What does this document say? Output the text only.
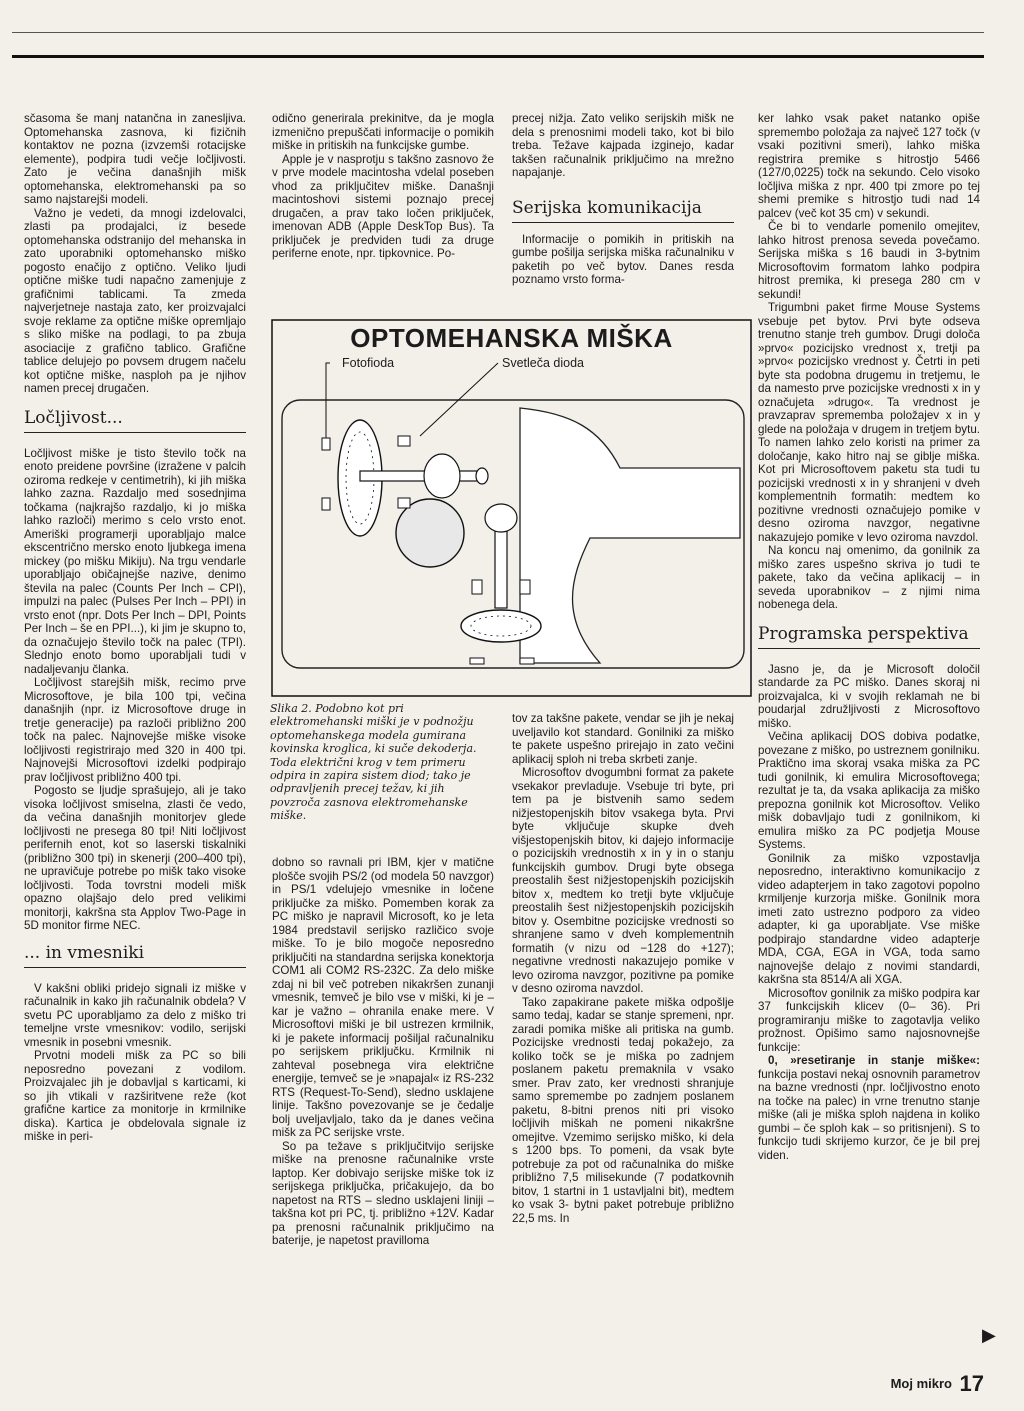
sčasoma še manj natančna in zanesljiva. Optomehanska zasnova, ki fizičnih kontaktov ne pozna (izvzemši rotacijske elemente), podpira tudi večje ločljivosti. Zato je večina današnjih mišk optomehanska, elektromehanski pa so samo najstarejši modeli.

Važno je vedeti, da mnogi izdelovalci, zlasti pa prodajalci, iz besede optomehanska odstranijo del mehanska in zato uporabniki optomehansko miško pogosto enačijo z optično. Veliko ljudi optične miške tudi napačno zamenjuje z grafičnimi tablicami. Ta zmeda najverjetneje nastaja zato, ker proizvajalci svoje reklame za optične miške opremljajo s sliko miške na podlagi, to pa zbuja asociacije z grafično tablico. Grafične tablice delujejo po povsem drugem načelu kot optične miške, nasploh pa je njihov namen precej drugačen.

Ločljivost...

Ločljivost miške je tisto število točk na enoto preidene površine (izražene v palcih oziroma redkeje v centimetrih), ki jih miška lahko zazna. Razdaljo med sosednjima točkama (najkrajšo razdaljo, ki jo miška lahko razloči) merimo s celo vrsto enot. Ameriški programerji uporabljajo malce ekscentrično mersko enoto ljubkega imena mickey (po mišku Mikiju). Na trgu vendarle uporabljajo običajnejše nazive, denimo števila na palec (Counts Per Inch – CPI), impulzi na palec (Pulses Per Inch – PPI) in vrsto enot (npr. Dots Per Inch – DPI, Points Per Inch – še en PPI...), ki jim je skupno to, da označujejo število točk na palec (TPI). Slednjo enoto bomo uporabljali tudi v nadaljevanju članka.

Ločljivost starejših mišk, recimo prve Microsoftove, je bila 100 tpi, večina današnjih (npr. iz Microsoftove druge in tretje generacije) pa razloči približno 200 točk na palec. Najnovejše miške visoke ločljivosti registrirajo med 320 in 400 tpi. Najnovejši Microsoftovi izdelki podpirajo prav ločljivost približno 400 tpi.

Pogosto se ljudje sprašujejo, ali je tako visoka ločljivost smiselna, zlasti če vedo, da večina današnjih monitorjev glede ločljivosti ne presega 80 tpi! Niti ločljivost perifernih enot, kot so laserski tiskalniki (približno 300 tpi) in skenerji (200–400 tpi), ne upravičuje potrebe po mišk tako visoke ločljivosti. Toda tovrstni modeli mišk opazno olajšajo delo pred velikimi monitorji, kakršna sta Applov Two-Page in 5D monitor firme NEC.

... in vmesniki

V kakšni obliki pridejo signali iz miške v računalnik in kako jih računalnik obdela? V svetu PC uporabljamo za delo z miško tri temeljne vrste vmesnikov: vodilo, serijski vmesnik in posebni vmesnik.

Prvotni modeli mišk za PC so bili neposredno povezani z vodilom. Proizvajalec jih je dobavljal s karticami, ki so jih vtikali v razširitvene reže (kot grafične kartice za monitorje in krmilnike diska). Kartica je obdelovala signale iz miške in peri-

odično generirala prekinitve, da je mogla izmenično prepuščati informacije o pomikih miške in pritiskih na funkcijske gumbe.

Apple je v nasprotju s takšno zasnovo že v prve modele macintosha vdelal poseben vhod za priključitev miške. Današnji macintoshovi sistemi poznajo precej drugačen, a prav tako ločen priključek, imenovan ADB (Apple DeskTop Bus). Ta priključek je predviden tudi za druge periferne enote, npr. tipkovnice. Po-

precej nižja. Zato veliko serijskih mišk ne dela s prenosnimi modeli tako, kot bi bilo treba. Težave kajpada izginejo, kadar takšen računalnik priključimo na mrežno napajanje.

Serijska komunikacija

Informacije o pomikih in pritiskih na gumbe pošilja serijska miška računalniku v paketih po več bytov. Danes resda poznamo vrsto forma-

ker lahko vsak paket natanko opiše spremembo položaja za največ 127 točk (v vsaki pozitivni smeri), lahko miška registrira premike s hitrostjo 5466 (127/0,0225) točk na sekundo. Celo visoko ločljiva miška z npr. 400 tpi zmore po tej shemi premike s hitrostjo tudi nad 14 palcev (več kot 35 cm) v sekundi.

Če bi to vendarle pomenilo omejitev, lahko hitrost prenosa seveda povečamo. Serijska miška s 16 baudi in 3-bytnim Microsoftovim formatom lahko podpira hitrost premika, ki presega 280 cm v sekundi!

Trigumbni paket firme Mouse Systems vsebuje pet bytov. Prvi byte odseva trenutno stanje treh gumbov. Drugi določa »prvo« pozicijsko vrednost x, tretji pa »prvo« pozicijsko vrednost y. Četrti in peti byte sta podobna drugemu in tretjemu, le da namesto prve pozicijske vrednosti x in y označujeta »drugo«. Ta vrednost je pravzaprav sprememba položajev x in y glede na položaja v drugem in tretjem bytu. To namen lahko zelo koristi na primer za določanje, kako hitro naj se giblje miška. Kot pri Microsoftovem paketu sta tudi tu pozicijski vrednosti x in y shranjeni v dveh komplementnih formatih: medtem ko pozitivne vrednosti označujejo pomike v desno oziroma navzgor, negativne nakazujejo pomike v levo oziroma navzdol.

Na koncu naj omenimo, da gonilnik za miško zares uspešno skriva jo tudi te pakete, tako da večina aplikacij – in seveda uporabnikov – z njimi nima nobenega dela.

Programska perspektiva

Jasno je, da je Microsoft določil standarde za PC miško. Danes skoraj ni proizvajalca, ki v svojih reklamah ne bi poudarjal združljivosti z Microsoftovo miško.

Večina aplikacij DOS dobiva podatke, povezane z miško, po ustreznem gonilniku. Praktično ima skoraj vsaka miška za PC tudi gonilnik, ki emulira Microsoftovega; rezultat je ta, da vsaka aplikacija za miško prepozna gonilnik kot Microsoftov. Veliko mišk dobavljajo tudi z gonilnikom, ki emulira miško za PC podjetja Mouse Systems.

Gonilnik za miško vzpostavlja neposredno, interaktivno komunikacijo z video adapterjem in tako zagotovi popolno krmiljenje kurzorja miške. Gonilnik mora imeti zato ustrezno podporo za video adapter, ki ga uporabljate. Vse miške podpirajo standardne video adapterje MDA, CGA, EGA in VGA, toda samo najnovejše delajo z novimi standardi, kakršna sta 8514/A ali XGA.

Microsoftov gonilnik za miško podpira kar 37 funkcijskih klicev (0– 36). Pri programiranju miške to zagotavlja veliko prožnost. Opišimo samo najosnovnejše funkcije:

0, »resetiranje in stanje miške«: funkcija postavi nekaj osnovnih parametrov na bazne vrednosti (npr. ločljivostno enoto na točke na palec) in vrne trenutno stanje miške (ali je miška sploh najdena in koliko gumbi – če sploh kak – so pritisnjeni). S to funkcijo tudi skrijemo kurzor, če je bil prej viden.

OPTOMEHANSKA MIŠKA
Fotofioda	Svetleča dioda
Slika 2. Podobno kot pri elektromehanski miški je v podnožju optomehanskega modela gumirana kovinska kroglica, ki suče dekoderja. Toda električni krog v tem primeru odpira in zapira sistem diod; tako je odpravljenih precej težav, ki jih povzroča zasnova elektromehanske miške.

tov za takšne pakete, vendar se jih je nekaj uveljavilo kot standard. Gonilniki za miško te pakete uspešno prirejajo in zato večini aplikacij sploh ni treba skrbeti zanje.

Microsoftov dvogumbni format za pakete vsekakor prevladuje. Vsebuje tri byte, pri tem pa je bistvenih samo sedem nižjestopenjskih bitov vsakega byta. Prvi byte vključuje skupke dveh višjestopenjskih bitov, ki dajejo informacije o pozicijskih vrednostih x in y in o stanju funkcijskih gumbov. Drugi byte obsega preostalih šest nižjestopenjskih pozicijskih bitov x, medtem ko tretji byte vključuje preostalih šest nižjestopenjskih pozicijskih bitov y. Osembitne pozicijske vrednosti so shranjene samo v dveh komplementnih formatih (v nizu od −128 do +127); negativne vrednosti nakazujejo pomike v levo oziroma navzgor, pozitivne pa pomike v desno oziroma navzdol.

Tako zapakirane pakete miška odpošlje samo tedaj, kadar se stanje spremeni, npr. zaradi pomika miške ali pritiska na gumb. Pozicijske vrednosti tedaj pokažejo, za koliko točk se je miška po zadnjem poslanem paketu premaknila v vsako smer. Prav zato, ker vrednosti shranjuje samo spremembe po zadnjem poslanem paketu, 8-bitni prenos niti pri visoko ločljivih miškah ne pomeni nikakršne omejitve. Vzemimo serijsko miško, ki dela s 1200 bps. To pomeni, da vsak byte potrebuje za pot od računalnika do miške približno 7,5 milisekunde (7 podatkovnih bitov, 1 startni in 1 ustavljalni bit), medtem ko vsak 3- bytni paket potrebuje približno 22,5 ms. In

dobno so ravnali pri IBM, kjer v matične plošče svojih PS/2 (od modela 50 navzgor) in PS/1 vdelujejo vmesnike in ločene priključke za miško. Pomemben korak za PC miško je napravil Microsoft, ko je leta 1984 predstavil serijsko različico svoje miške. To je bilo mogoče neposredno priključiti na standardna serijska konektorja COM1 ali COM2 RS-232C. Za delo miške zdaj ni bil več potreben nikakršen zunanji vmesnik, temveč je bilo vse v miški, ki je – kar je važno – ohranila enake mere. V Microsoftovi miški je bil ustrezen krmilnik, ki je pakete informacij pošiljal računalniku po serijskem priključku. Krmilnik ni zahteval posebnega vira električne energije, temveč se je »napajal« iz RS-232 RTS (Request-To-Send), sledno usklajene linije. Takšno povezovanje se je čedalje bolj uveljavljalo, tako da je danes večina mišk za PC serijske vrste.

So pa težave s priključitvijo serijske miške na prenosne računalnike vrste laptop. Ker dobivajo serijske miške tok iz serijskega priključka, pričakujejo, da bo napetost na RTS – sledno usklajeni liniji – takšna kot pri PC, tj. približno +12V. Kadar pa prenosni računalnik priključimo na baterije, je napetost pravilloma

▶
Moj mikro 17
